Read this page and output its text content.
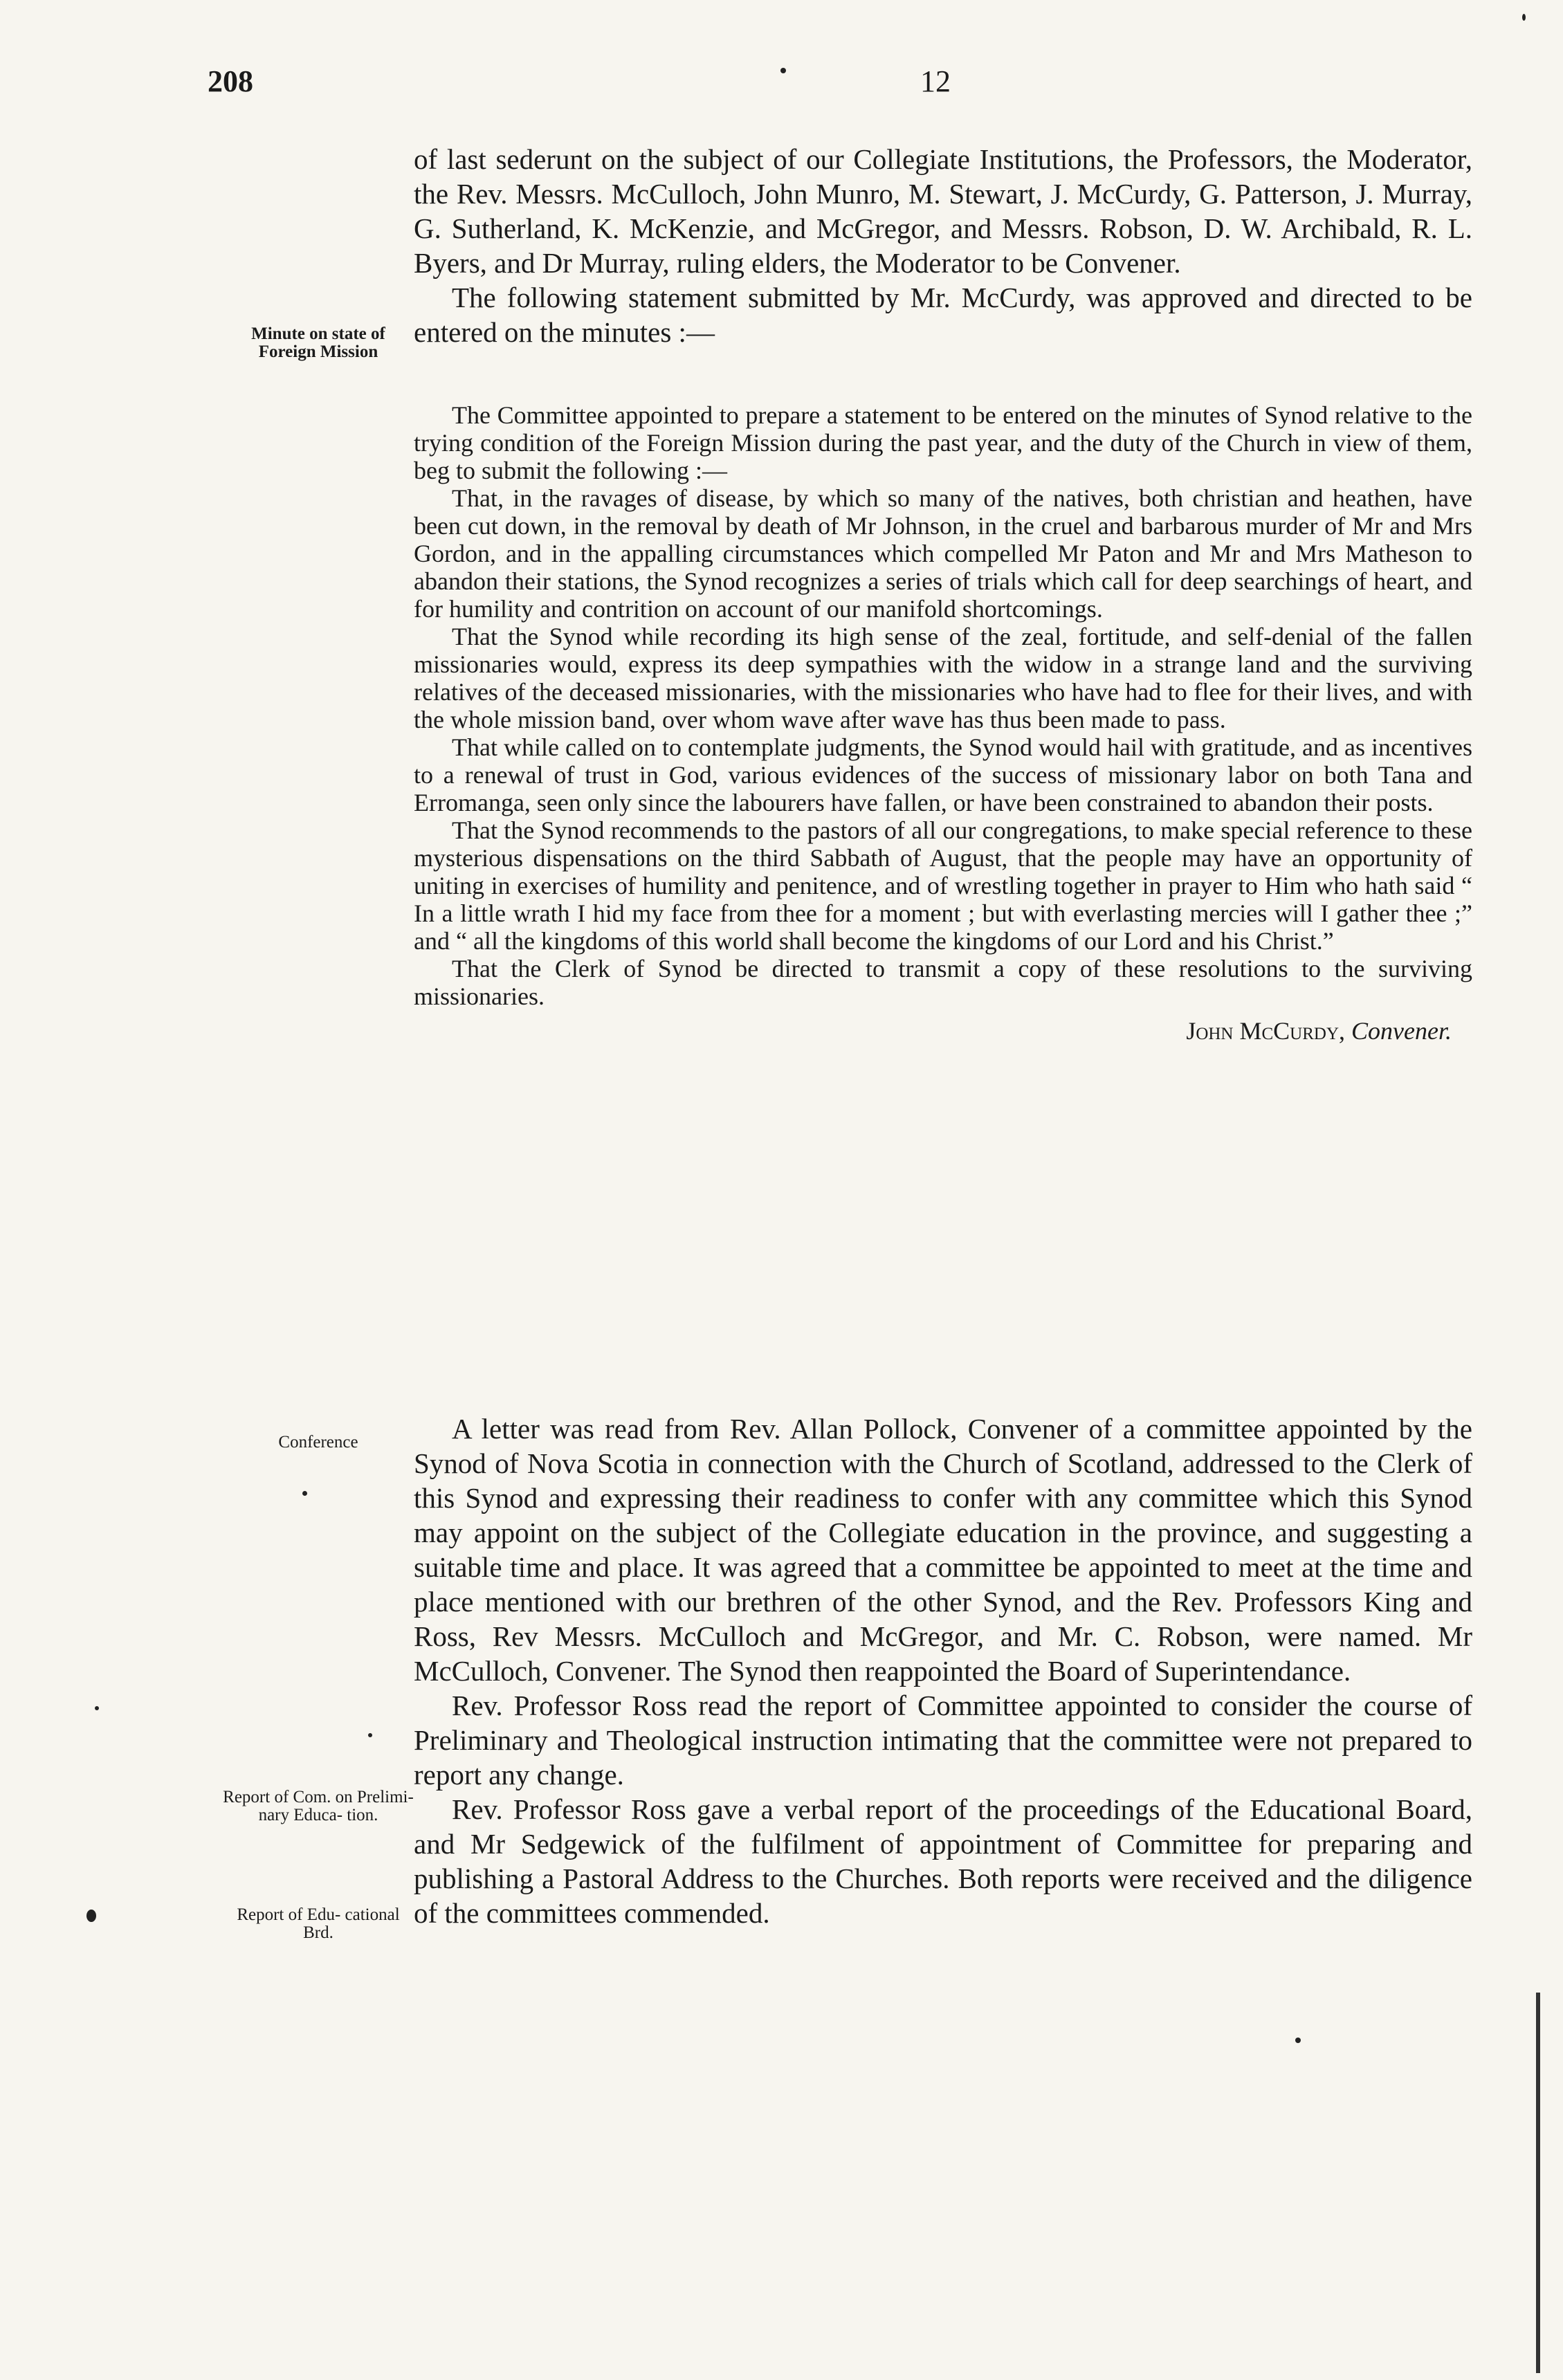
208	12
Minute on state of Foreign Mission
Conference
Report of Com. on Prelimi- nary Educa- tion.
Report of Edu- cational Brd.

of last sederunt on the subject of our Collegiate Institutions, the Professors, the Moderator, the Rev. Messrs. McCulloch, John Munro, M. Stewart, J. McCurdy, G. Patterson, J. Murray, G. Sutherland, K. McKenzie, and McGregor, and Messrs. Robson, D. W. Archibald, R. L. Byers, and Dr Murray, ruling elders, the Moderator to be Convener.

The following statement submitted by Mr. McCurdy, was approved and directed to be entered on the minutes :—

The Committee appointed to prepare a statement to be entered on the minutes of Synod relative to the trying condition of the Foreign Mission during the past year, and the duty of the Church in view of them, beg to submit the following :—

That, in the ravages of disease, by which so many of the natives, both christian and heathen, have been cut down, in the removal by death of Mr Johnson, in the cruel and barbarous murder of Mr and Mrs Gordon, and in the appalling circumstances which compelled Mr Paton and Mr and Mrs Matheson to abandon their stations, the Synod recognizes a series of trials which call for deep searchings of heart, and for humility and contrition on account of our manifold shortcomings.

That the Synod while recording its high sense of the zeal, fortitude, and self-denial of the fallen missionaries would, express its deep sympathies with the widow in a strange land and the surviving relatives of the deceased missionaries, with the missionaries who have had to flee for their lives, and with the whole mission band, over whom wave after wave has thus been made to pass.

That while called on to contemplate judgments, the Synod would hail with gratitude, and as incentives to a renewal of trust in God, various evidences of the success of missionary labor on both Tana and Erromanga, seen only since the labourers have fallen, or have been constrained to abandon their posts.

That the Synod recommends to the pastors of all our congregations, to make special reference to these mysterious dispensations on the third Sabbath of August, that the people may have an opportunity of uniting in exercises of humility and penitence, and of wrestling together in prayer to Him who hath said “ In a little wrath I hid my face from thee for a moment ; but with everlasting mercies will I gather thee ;” and “ all the kingdoms of this world shall become the kingdoms of our Lord and his Christ.”

That the Clerk of Synod be directed to transmit a copy of these resolutions to the surviving missionaries.

John McCurdy, Convener.

A letter was read from Rev. Allan Pollock, Convener of a committee appointed by the Synod of Nova Scotia in connection with the Church of Scotland, addressed to the Clerk of this Synod and expressing their readiness to confer with any committee which this Synod may appoint on the subject of the Collegiate education in the province, and suggesting a suitable time and place. It was agreed that a committee be appointed to meet at the time and place mentioned with our brethren of the other Synod, and the Rev. Professors King and Ross, Rev Messrs. McCulloch and McGregor, and Mr. C. Robson, were named. Mr McCulloch, Convener. The Synod then reappointed the Board of Superintendance.

Rev. Professor Ross read the report of Committee appointed to consider the course of Preliminary and Theological instruction intimating that the committee were not prepared to report any change.

Rev. Professor Ross gave a verbal report of the proceedings of the Educational Board, and Mr Sedgewick of the fulfilment of appointment of Committee for preparing and publishing a Pastoral Address to the Churches. Both reports were received and the diligence of the committees commended.
